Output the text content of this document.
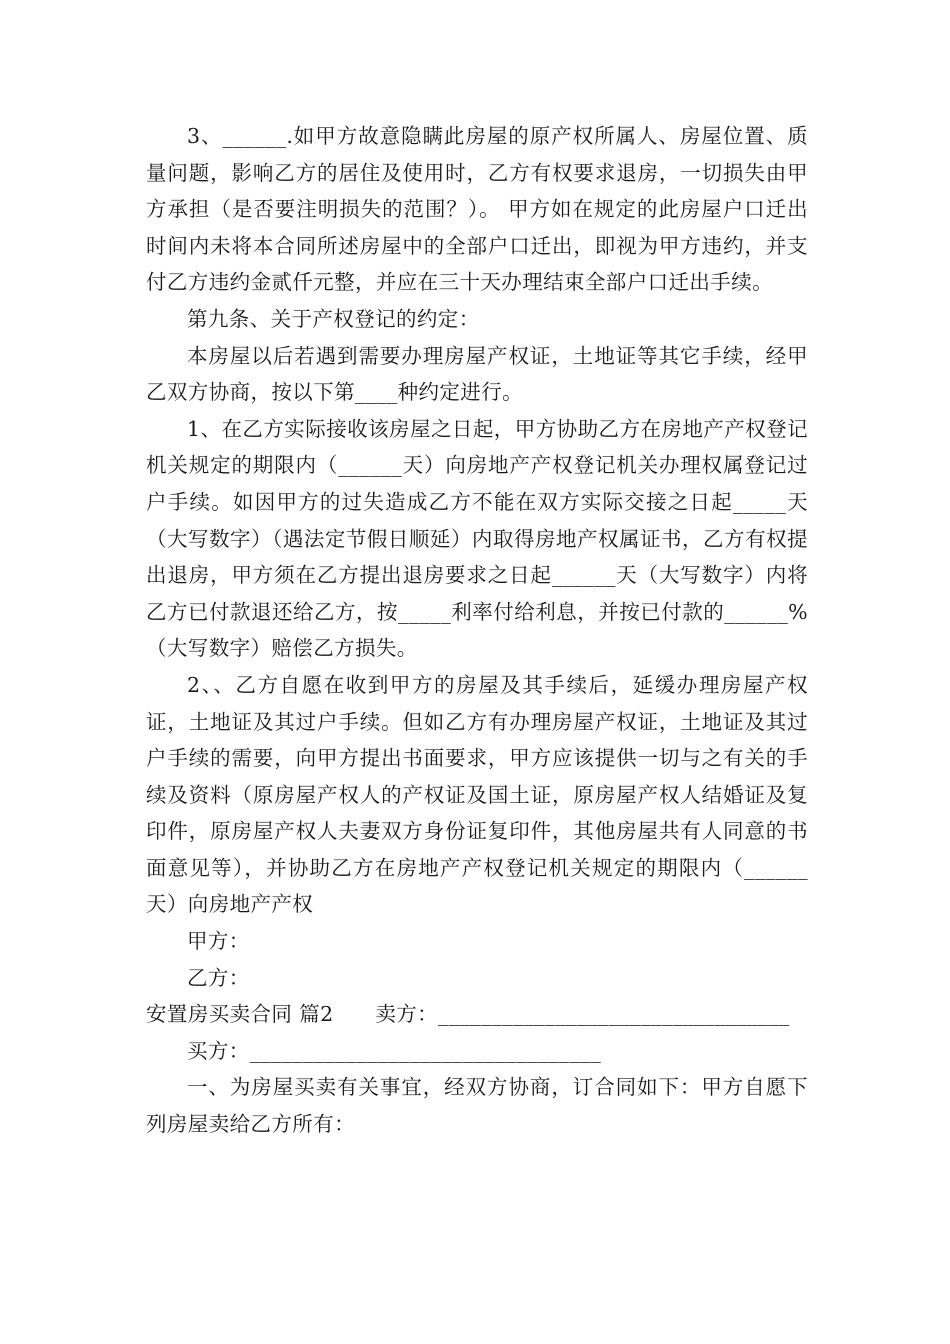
3、______.如甲方故意隐瞒此房屋的原产权所属人、房屋位置、质量问题，影响乙方的居住及使用时，乙方有权要求退房，一切损失由甲方承担（是否要注明损失的范围？）。 甲方如在规定的此房屋户口迁出时间内未将本合同所述房屋中的全部户口迁出，即视为甲方违约，并支付乙方违约金贰仟元整，并应在三十天办理结束全部户口迁出手续。

第九条、关于产权登记的约定：

本房屋以后若遇到需要办理房屋产权证，土地证等其它手续，经甲乙双方协商，按以下第____种约定进行。

1、在乙方实际接收该房屋之日起，甲方协助乙方在房地产产权登记机关规定的期限内（______天）向房地产产权登记机关办理权属登记过户手续。如因甲方的过失造成乙方不能在双方实际交接之日起_____天（大写数字）（遇法定节假日顺延）内取得房地产权属证书，乙方有权提出退房，甲方须在乙方提出退房要求之日起______天（大写数字）内将乙方已付款退还给乙方，按_____利率付给利息，并按已付款的______%（大写数字）赔偿乙方损失。

2、、乙方自愿在收到甲方的房屋及其手续后，延缓办理房屋产权证，土地证及其过户手续。但如乙方有办理房屋产权证，土地证及其过户手续的需要，向甲方提出书面要求，甲方应该提供一切与之有关的手续及资料（原房屋产权人的产权证及国土证，原房屋产权人结婚证及复印件，原房屋产权人夫妻双方身份证复印件，其他房屋共有人同意的书面意见等），并协助乙方在房地产产权登记机关规定的期限内（______天）向房地产产权

甲方：

乙方：

安置房买卖合同 篇2　　卖方：_________________________________

买方：_________________________________

一、为房屋买卖有关事宜，经双方协商，订合同如下：甲方自愿下列房屋卖给乙方所有：
